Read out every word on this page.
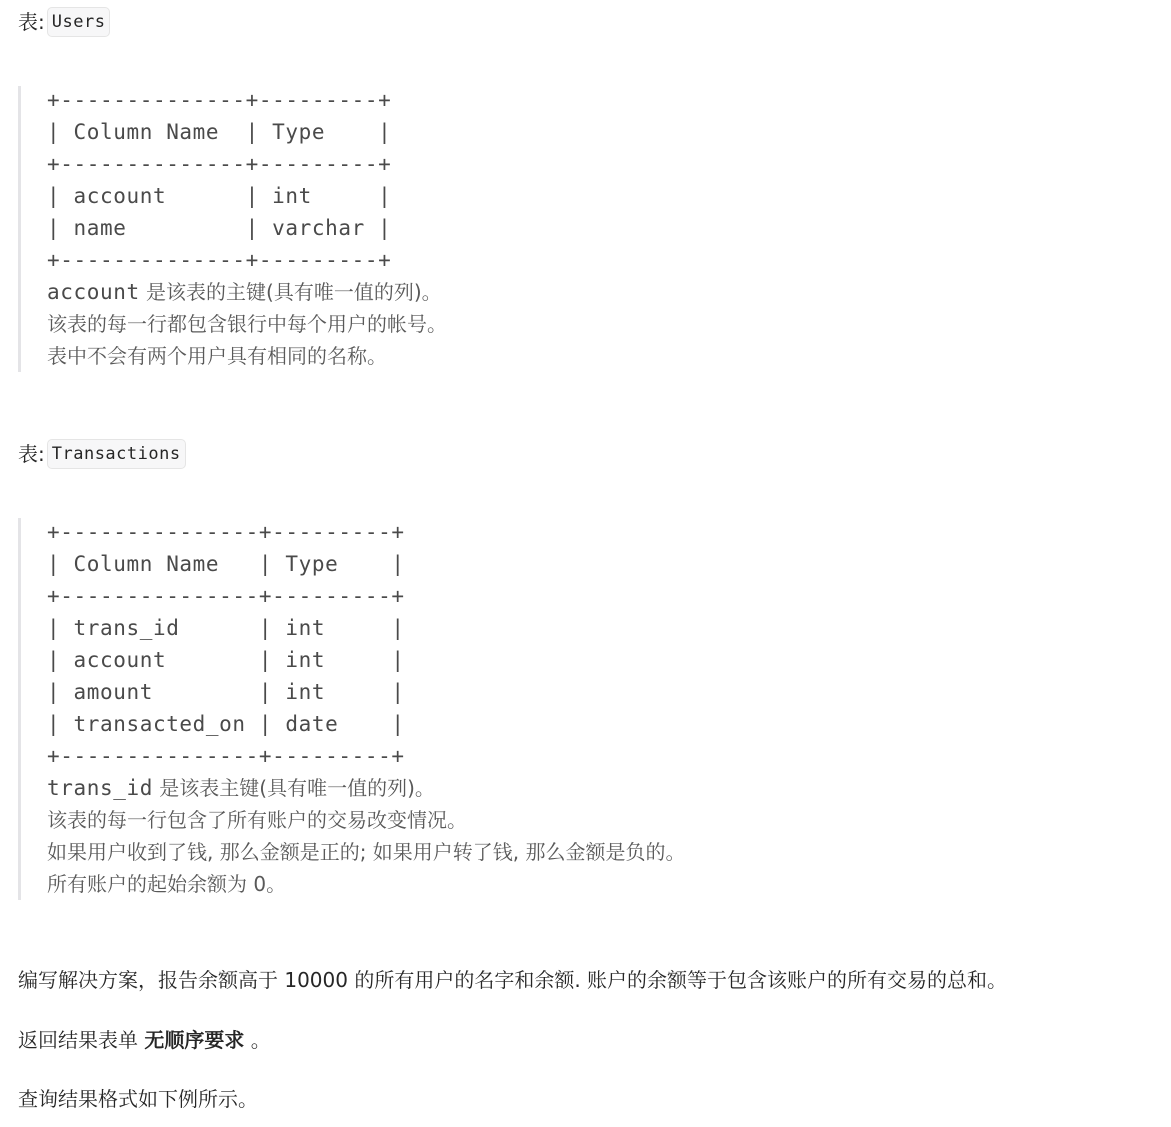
表: Users
+--------------+---------+
| Column Name  | Type    |
+--------------+---------+
| account      | int     |
| name         | varchar |
+--------------+---------+
account 是该表的主键(具有唯一值的列)。
该表的每一行都包含银行中每个用户的帐号。
表中不会有两个用户具有相同的名称。
表: Transactions
+---------------+---------+
| Column Name   | Type    |
+---------------+---------+
| trans_id      | int     |
| account       | int     |
| amount        | int     |
| transacted_on | date    |
+---------------+---------+
trans_id 是该表主键(具有唯一值的列)。
该表的每一行包含了所有账户的交易改变情况。
如果用户收到了钱, 那么金额是正的; 如果用户转了钱, 那么金额是负的。
所有账户的起始余额为 0。
编写解决方案，报告余额高于 10000 的所有用户的名字和余额. 账户的余额等于包含该账户的所有交易的总和。
返回结果表单 无顺序要求 。
查询结果格式如下例所示。
